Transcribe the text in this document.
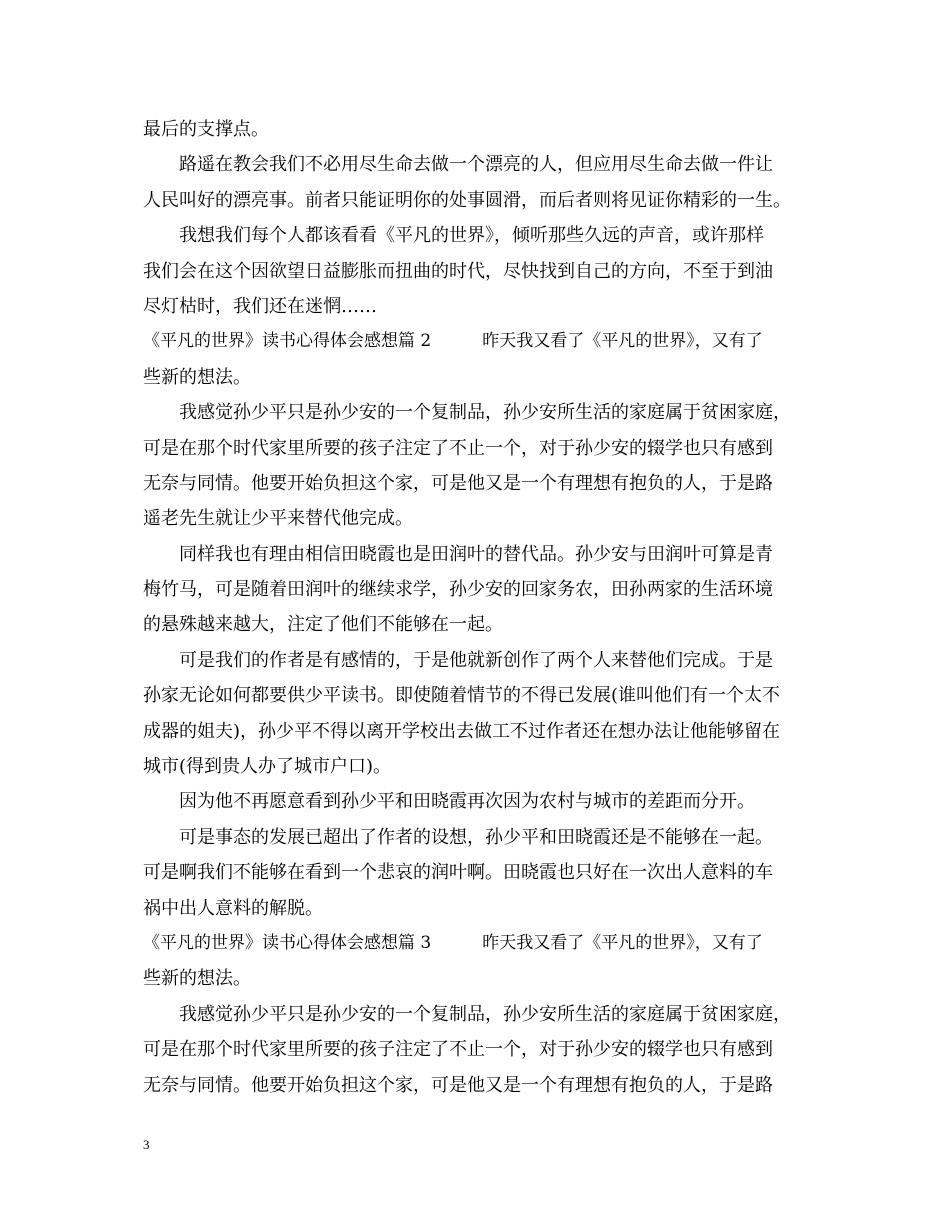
最后的支撑点。
路遥在教会我们不必用尽生命去做一个漂亮的人，但应用尽生命去做一件让
人民叫好的漂亮事。前者只能证明你的处事圆滑，而后者则将见证你精彩的一生。
我想我们每个人都该看看《平凡的世界》，倾听那些久远的声音，或许那样
我们会在这个因欲望日益膨胀而扭曲的时代，尽快找到自己的方向，不至于到油
尽灯枯时，我们还在迷惘……
《平凡的世界》读书心得体会感想篇 2　　　昨天我又看了《平凡的世界》，又有了
些新的想法。
我感觉孙少平只是孙少安的一个复制品，孙少安所生活的家庭属于贫困家庭，
可是在那个时代家里所要的孩子注定了不止一个，对于孙少安的辍学也只有感到
无奈与同情。他要开始负担这个家，可是他又是一个有理想有抱负的人，于是路
遥老先生就让少平来替代他完成。
同样我也有理由相信田晓霞也是田润叶的替代品。孙少安与田润叶可算是青
梅竹马，可是随着田润叶的继续求学，孙少安的回家务农，田孙两家的生活环境
的悬殊越来越大，注定了他们不能够在一起。
可是我们的作者是有感情的，于是他就新创作了两个人来替他们完成。于是
孙家无论如何都要供少平读书。即使随着情节的不得已发展(谁叫他们有一个太不
成器的姐夫)，孙少平不得以离开学校出去做工不过作者还在想办法让他能够留在
城市(得到贵人办了城市户口)。
因为他不再愿意看到孙少平和田晓霞再次因为农村与城市的差距而分开。
可是事态的发展已超出了作者的设想，孙少平和田晓霞还是不能够在一起。
可是啊我们不能够在看到一个悲哀的润叶啊。田晓霞也只好在一次出人意料的车
祸中出人意料的解脱。
《平凡的世界》读书心得体会感想篇 3　　　昨天我又看了《平凡的世界》，又有了
些新的想法。
我感觉孙少平只是孙少安的一个复制品，孙少安所生活的家庭属于贫困家庭，
可是在那个时代家里所要的孩子注定了不止一个，对于孙少安的辍学也只有感到
无奈与同情。他要开始负担这个家，可是他又是一个有理想有抱负的人，于是路
3
